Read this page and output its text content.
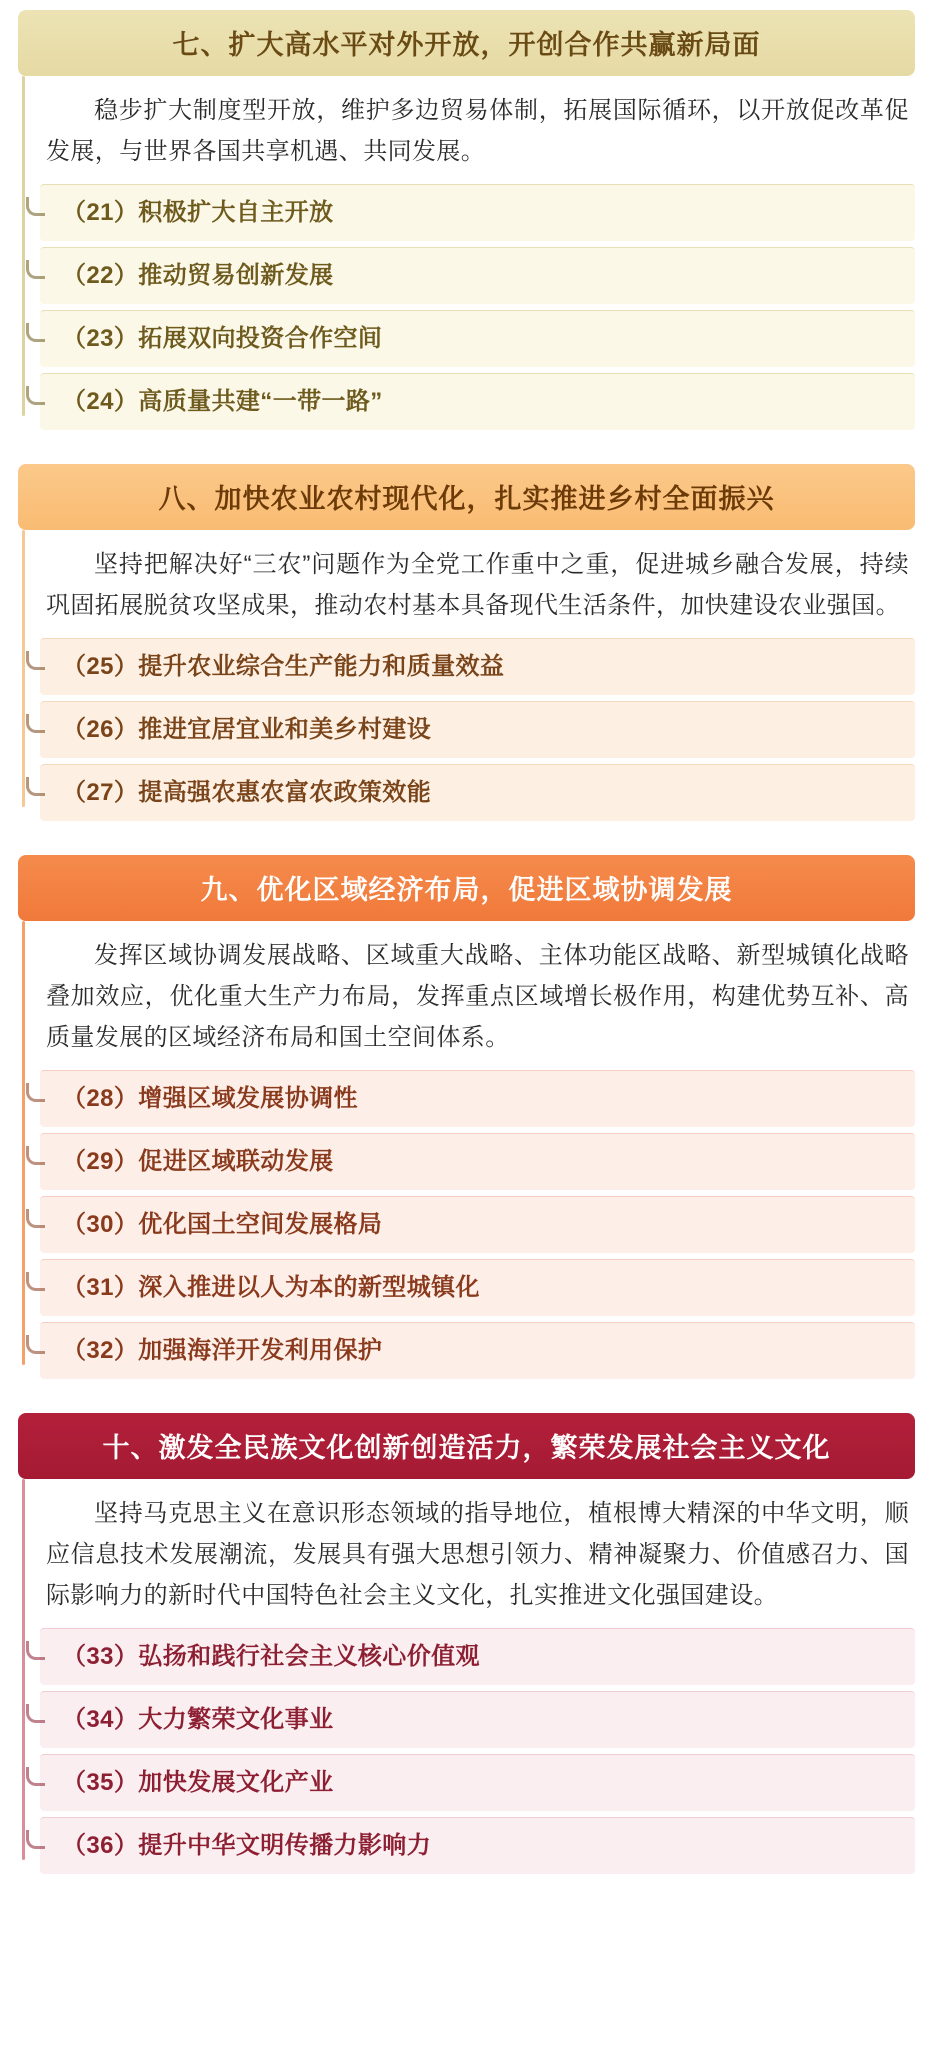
七、扩大高水平对外开放，开创合作共赢新局面
稳步扩大制度型开放，维护多边贸易体制，拓展国际循环，以开放促改革促发展，与世界各国共享机遇、共同发展。
（21）积极扩大自主开放
（22）推动贸易创新发展
（23）拓展双向投资合作空间
（24）高质量共建“一带一路”
八、加快农业农村现代化，扎实推进乡村全面振兴
坚持把解决好“三农”问题作为全党工作重中之重，促进城乡融合发展，持续巩固拓展脱贫攻坚成果，推动农村基本具备现代生活条件，加快建设农业强国。
（25）提升农业综合生产能力和质量效益
（26）推进宜居宜业和美乡村建设
（27）提高强农惠农富农政策效能
九、优化区域经济布局，促进区域协调发展
发挥区域协调发展战略、区域重大战略、主体功能区战略、新型城镇化战略叠加效应，优化重大生产力布局，发挥重点区域增长极作用，构建优势互补、高质量发展的区域经济布局和国土空间体系。
（28）增强区域发展协调性
（29）促进区域联动发展
（30）优化国土空间发展格局
（31）深入推进以人为本的新型城镇化
（32）加强海洋开发利用保护
十、激发全民族文化创新创造活力，繁荣发展社会主义文化
坚持马克思主义在意识形态领域的指导地位，植根博大精深的中华文明，顺应信息技术发展潮流，发展具有强大思想引领力、精神凝聚力、价值感召力、国际影响力的新时代中国特色社会主义文化，扎实推进文化强国建设。
（33）弘扬和践行社会主义核心价值观
（34）大力繁荣文化事业
（35）加快发展文化产业
（36）提升中华文明传播力影响力
